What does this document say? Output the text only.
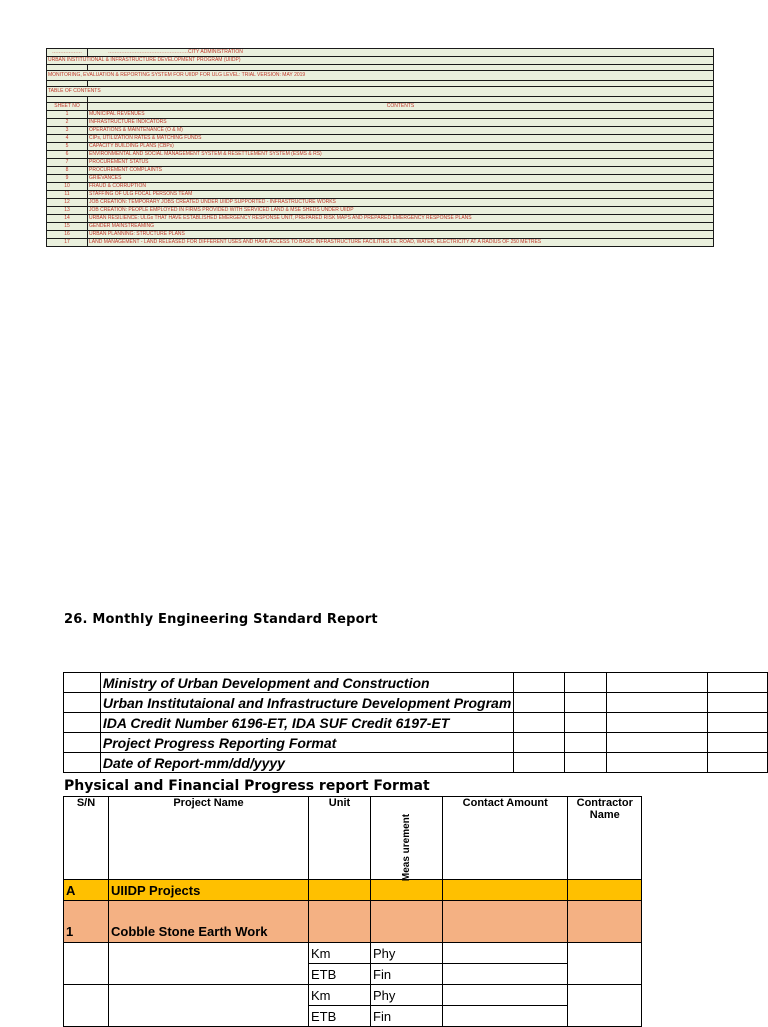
………………	…………………………………………CITY ADMINISTRATION

URBAN INSTITUTIONAL & INFRASTRUCTURE DEVELOPMENT PROGRAM (UIIDP)	

MONITORING, EVALUATION & REPORTING SYSTEM FOR UIIDP FOR ULG LEVEL: TRIAL VERSION: MAY 2019	

TABLE OF CONTENTS	

SHEET NO	CONTENTS
1	MUNICIPAL REVENUES
2	INFRASTRUCTURE INDICATORS
3	OPERATIONS & MAINTENANCE (O & M)
4	CIPs, UTILIZATION RATES & MATCHING FUNDS
5	CAPACITY BUILDING PLANS (CBPs)
6	ENVIRONMENTAL AND SOCIAL MANAGEMENT SYSTEM & RESETTLEMENT SYSTEM (ESMS & RS)
7	PROCUREMENT STATUS
8	PROCUREMENT COMPLAINTS
9	GRIEVANCES
10	FRAUD & CORRUPTION
11	STAFFING OF ULG FOCAL PERSONS TEAM
12	JOB CREATION: TEMPORARY JOBS CREATED UNDER UIIDP SUPPORTED - INFRASTRUCTURE WORKS
13	JOB CREATION: PEOPLE EMPLOYED IN FIRMS PROVIDED WITH SERVICED LAND & MSE SHEDS UNDER UIIDP
14	URBAN RESILIENCE: ULGs THAT HAVE ESTABLISHED EMERGENCY RESPONSE UNIT, PREPARED RISK MAPS AND PREPARED EMERGENCY RESPONSE PLANS
15	GENDER MAINSTREAMING
16	URBAN PLANNING: STRUCTURE PLANS
17	LAND MANAGEMENT - LAND RELEASED FOR DIFFERENT USES AND HAVE ACCESS TO BASIC INFRASTRUCTURE FACILITIES I.E. ROAD, WATER, ELECTRICITY AT A RADIUS OF 250 METRES
26. Monthly Engineering Standard Report
	Ministry of Urban Development and Construction				
	Urban Institutaional and Infrastructure Development Program				
	IDA Credit Number 6196-ET, IDA SUF Credit 6197-ET				
	Project Progress Reporting Format				
	Date of Report-mm/dd/yyyy				
Physical and Financial Progress report Format
S/N	Project Name	Unit	Meas urement	Contact Amount	Contractor Name

A	UIIDP Projects				
1	Cobble Stone Earth Work				
		Km	Phy		
		ETB	Fin		
		Km	Phy		
		ETB	Fin		
